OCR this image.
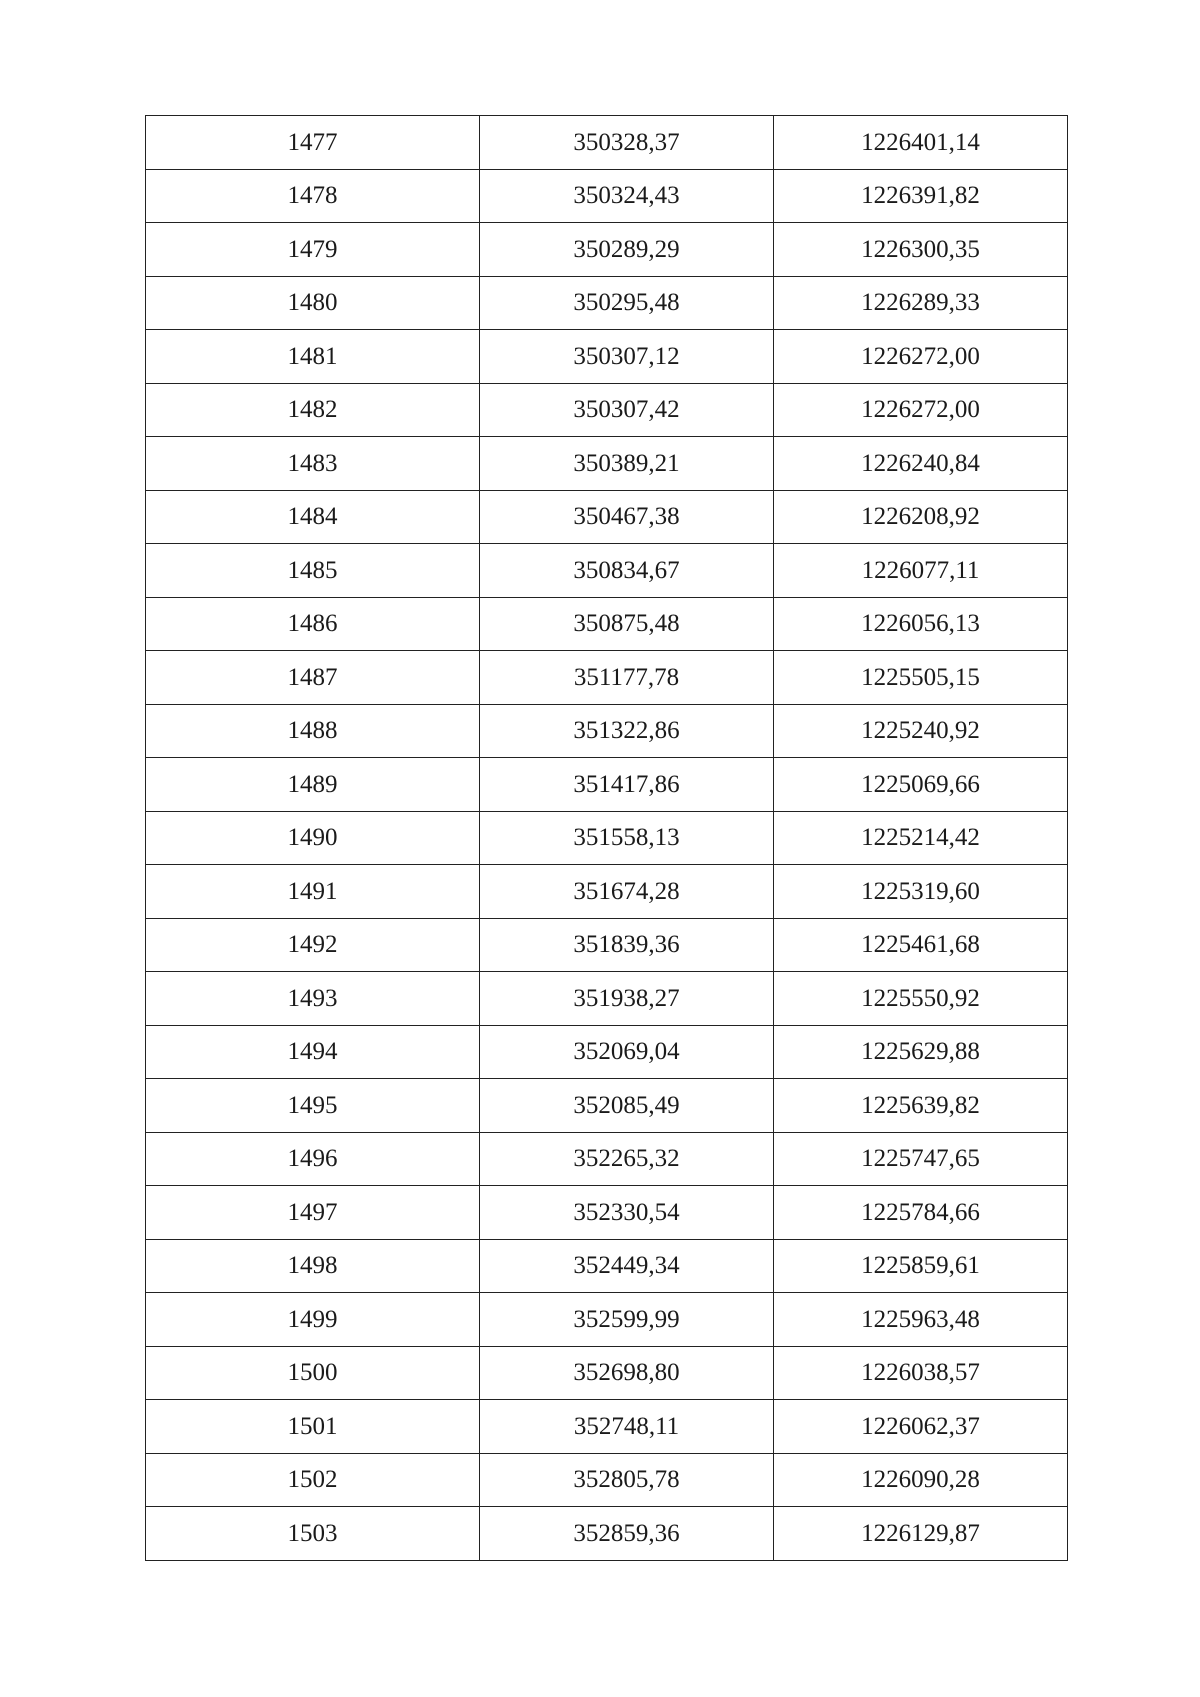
1477	350328,37	1226401,14
1478	350324,43	1226391,82
1479	350289,29	1226300,35
1480	350295,48	1226289,33
1481	350307,12	1226272,00
1482	350307,42	1226272,00
1483	350389,21	1226240,84
1484	350467,38	1226208,92
1485	350834,67	1226077,11
1486	350875,48	1226056,13
1487	351177,78	1225505,15
1488	351322,86	1225240,92
1489	351417,86	1225069,66
1490	351558,13	1225214,42
1491	351674,28	1225319,60
1492	351839,36	1225461,68
1493	351938,27	1225550,92
1494	352069,04	1225629,88
1495	352085,49	1225639,82
1496	352265,32	1225747,65
1497	352330,54	1225784,66
1498	352449,34	1225859,61
1499	352599,99	1225963,48
1500	352698,80	1226038,57
1501	352748,11	1226062,37
1502	352805,78	1226090,28
1503	352859,36	1226129,87
